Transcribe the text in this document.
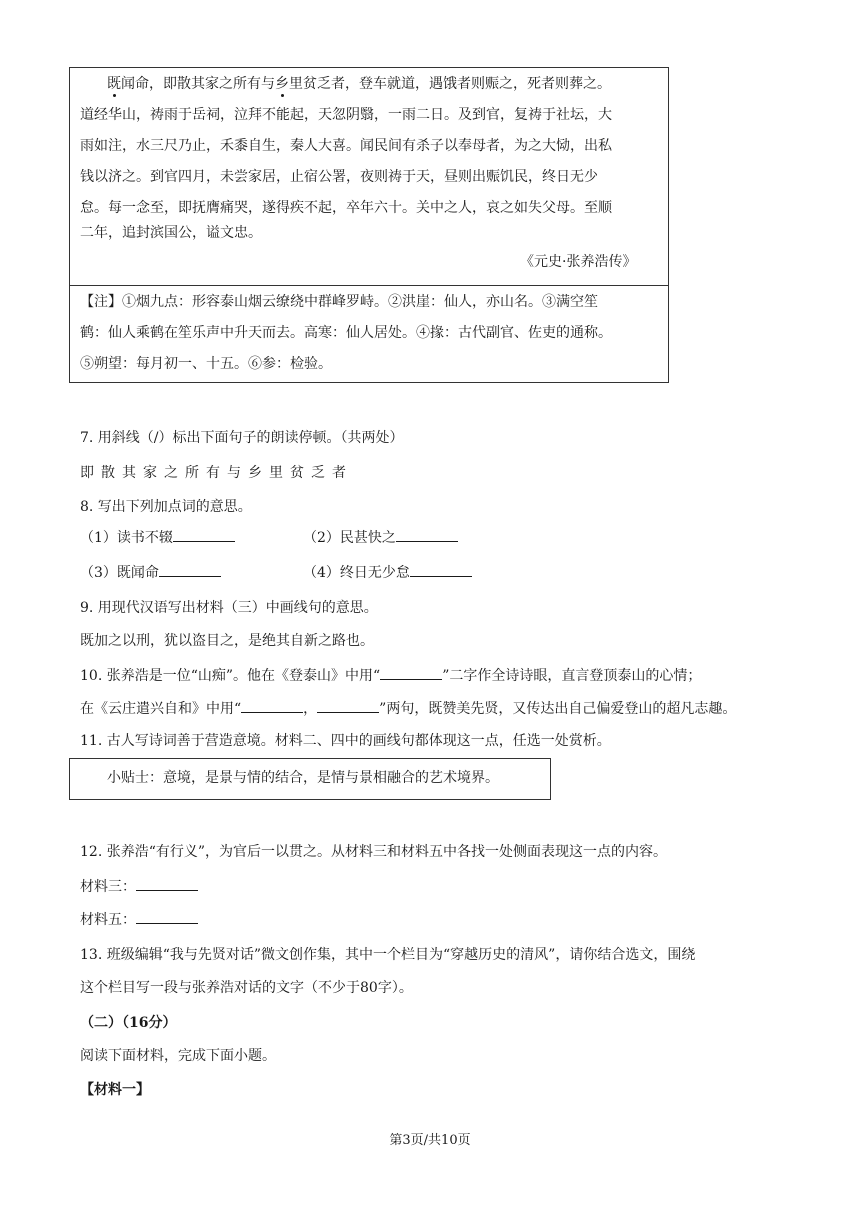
既闻命，即散其家之所有与乡里贫乏者，登车就道，遇饿者则赈之，死者则葬之。
道经华山，祷雨于岳祠，泣拜不能起，天忽阴翳，一雨二日。及到官，复祷于社坛，大
雨如注，水三尺乃止，禾黍自生，秦人大喜。闻民间有杀子以奉母者，为之大恸，出私
钱以济之。到官四月，未尝家居，止宿公署，夜则祷于天，昼则出赈饥民，终日无少
怠。每一念至，即抚膺痛哭，遂得疾不起，卒年六十。关中之人，哀之如失父母。至顺
二年，追封滨国公，谥文忠。
《元史·张养浩传》
【注】①烟九点：形容泰山烟云缭绕中群峰罗峙。②洪崖：仙人，亦山名。③满空笙
鹤：仙人乘鹤在笙乐声中升天而去。高寒：仙人居处。④掾：古代副官、佐吏的通称。
⑤朔望：每月初一、十五。⑥参：检验。
7. 用斜线（/）标出下面句子的朗读停顿。（共两处）
即散其家之所有与乡里贫乏者
8. 写出下列加点词的意思。
（1）读书不辍	（2）民甚快之
（3）既闻命	（4）终日无少怠
9. 用现代汉语写出材料（三）中画线句的意思。
既加之以刑，犹以盗目之，是绝其自新之路也。
10. 张养浩是一位“山痴”。他在《登泰山》中用“	”二字作全诗诗眼，直言登顶泰山的心情；
在《云庄遣兴自和》中用“	，	”两句，既赞美先贤，又传达出自己偏爱登山的超凡志趣。
11. 古人写诗词善于营造意境。材料二、四中的画线句都体现这一点，任选一处赏析。
小贴士：意境，是景与情的结合，是情与景相融合的艺术境界。
12. 张养浩“有行义”，为官后一以贯之。从材料三和材料五中各找一处侧面表现这一点的内容。
材料三：
材料五：
13. 班级编辑“我与先贤对话”微文创作集，其中一个栏目为“穿越历史的清风”，请你结合选文，围绕
这个栏目写一段与张养浩对话的文字（不少于80字）。
（二）（16分）
阅读下面材料，完成下面小题。
【材料一】
第3页/共10页
